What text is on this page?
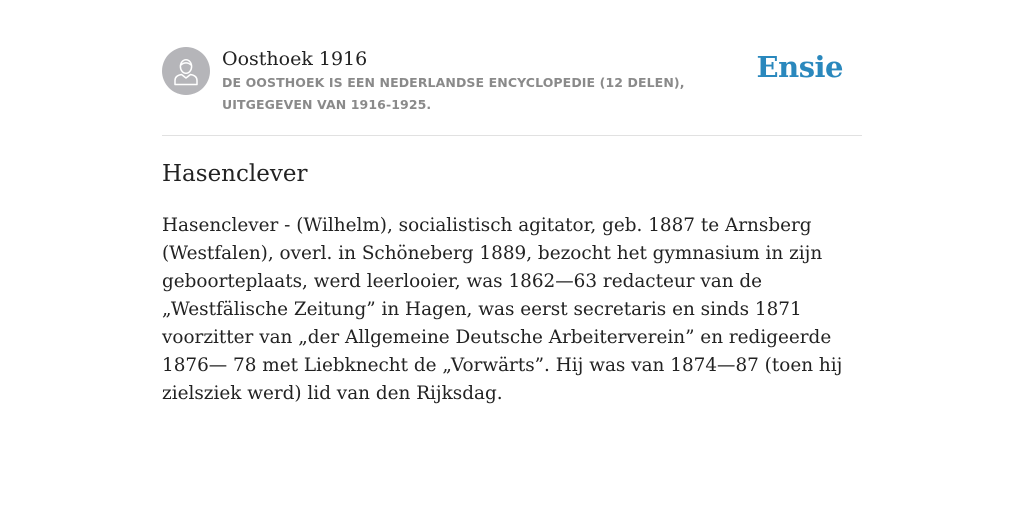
Oosthoek 1916
DE OOSTHOEK IS EEN NEDERLANDSE ENCYCLOPEDIE (12 DELEN), UITGEGEVEN VAN 1916-1925.
Ensie
Hasenclever

Hasenclever - (Wilhelm), socialistisch agitator, geb. 1887 te Arnsberg (Westfalen), overl. in Schöneberg 1889, bezocht het gymnasium in zijn geboorteplaats, werd leerlooier, was 1862—63 redacteur van de „Westfälische Zeitung” in Hagen, was eerst secretaris en sinds 1871 voorzitter van „der Allgemeine Deutsche Arbeiterverein” en redigeerde 1876— 78 met Liebknecht de „Vorwärts”. Hij was van 1874—87 (toen hij zielsziek werd) lid van den Rijksdag.
